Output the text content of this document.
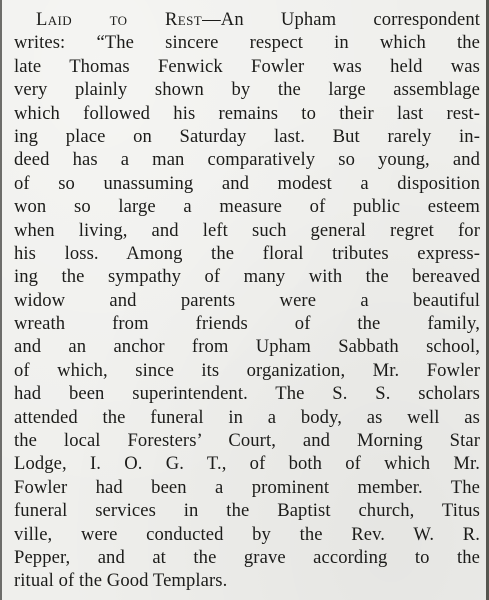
Laid to Rest—An Upham correspondent
writes: “The sincere respect in which the
late Thomas Fenwick Fowler was held was
very plainly shown by the large assemblage
which followed his remains to their last rest-
ing place on Saturday last. But rarely in-
deed has a man comparatively so young, and
of so unassuming and modest a disposition
won so large a measure of public esteem
when living, and left such general regret for
his loss. Among the floral tributes express-
ing the sympathy of many with the bereaved
widow and parents were a beautiful
wreath from friends of the family,
and an anchor from Upham Sabbath school,
of which, since its organization, Mr. Fowler
had been superintendent. The S. S. scholars
attended the funeral in a body, as well as
the local Foresters’ Court, and Morning Star
Lodge, I. O. G. T., of both of which Mr.
Fowler had been a prominent member. The
funeral services in the Baptist church, Titus
ville, were conducted by the Rev. W. R.
Pepper, and at the grave according to the
ritual of the Good Templars.
